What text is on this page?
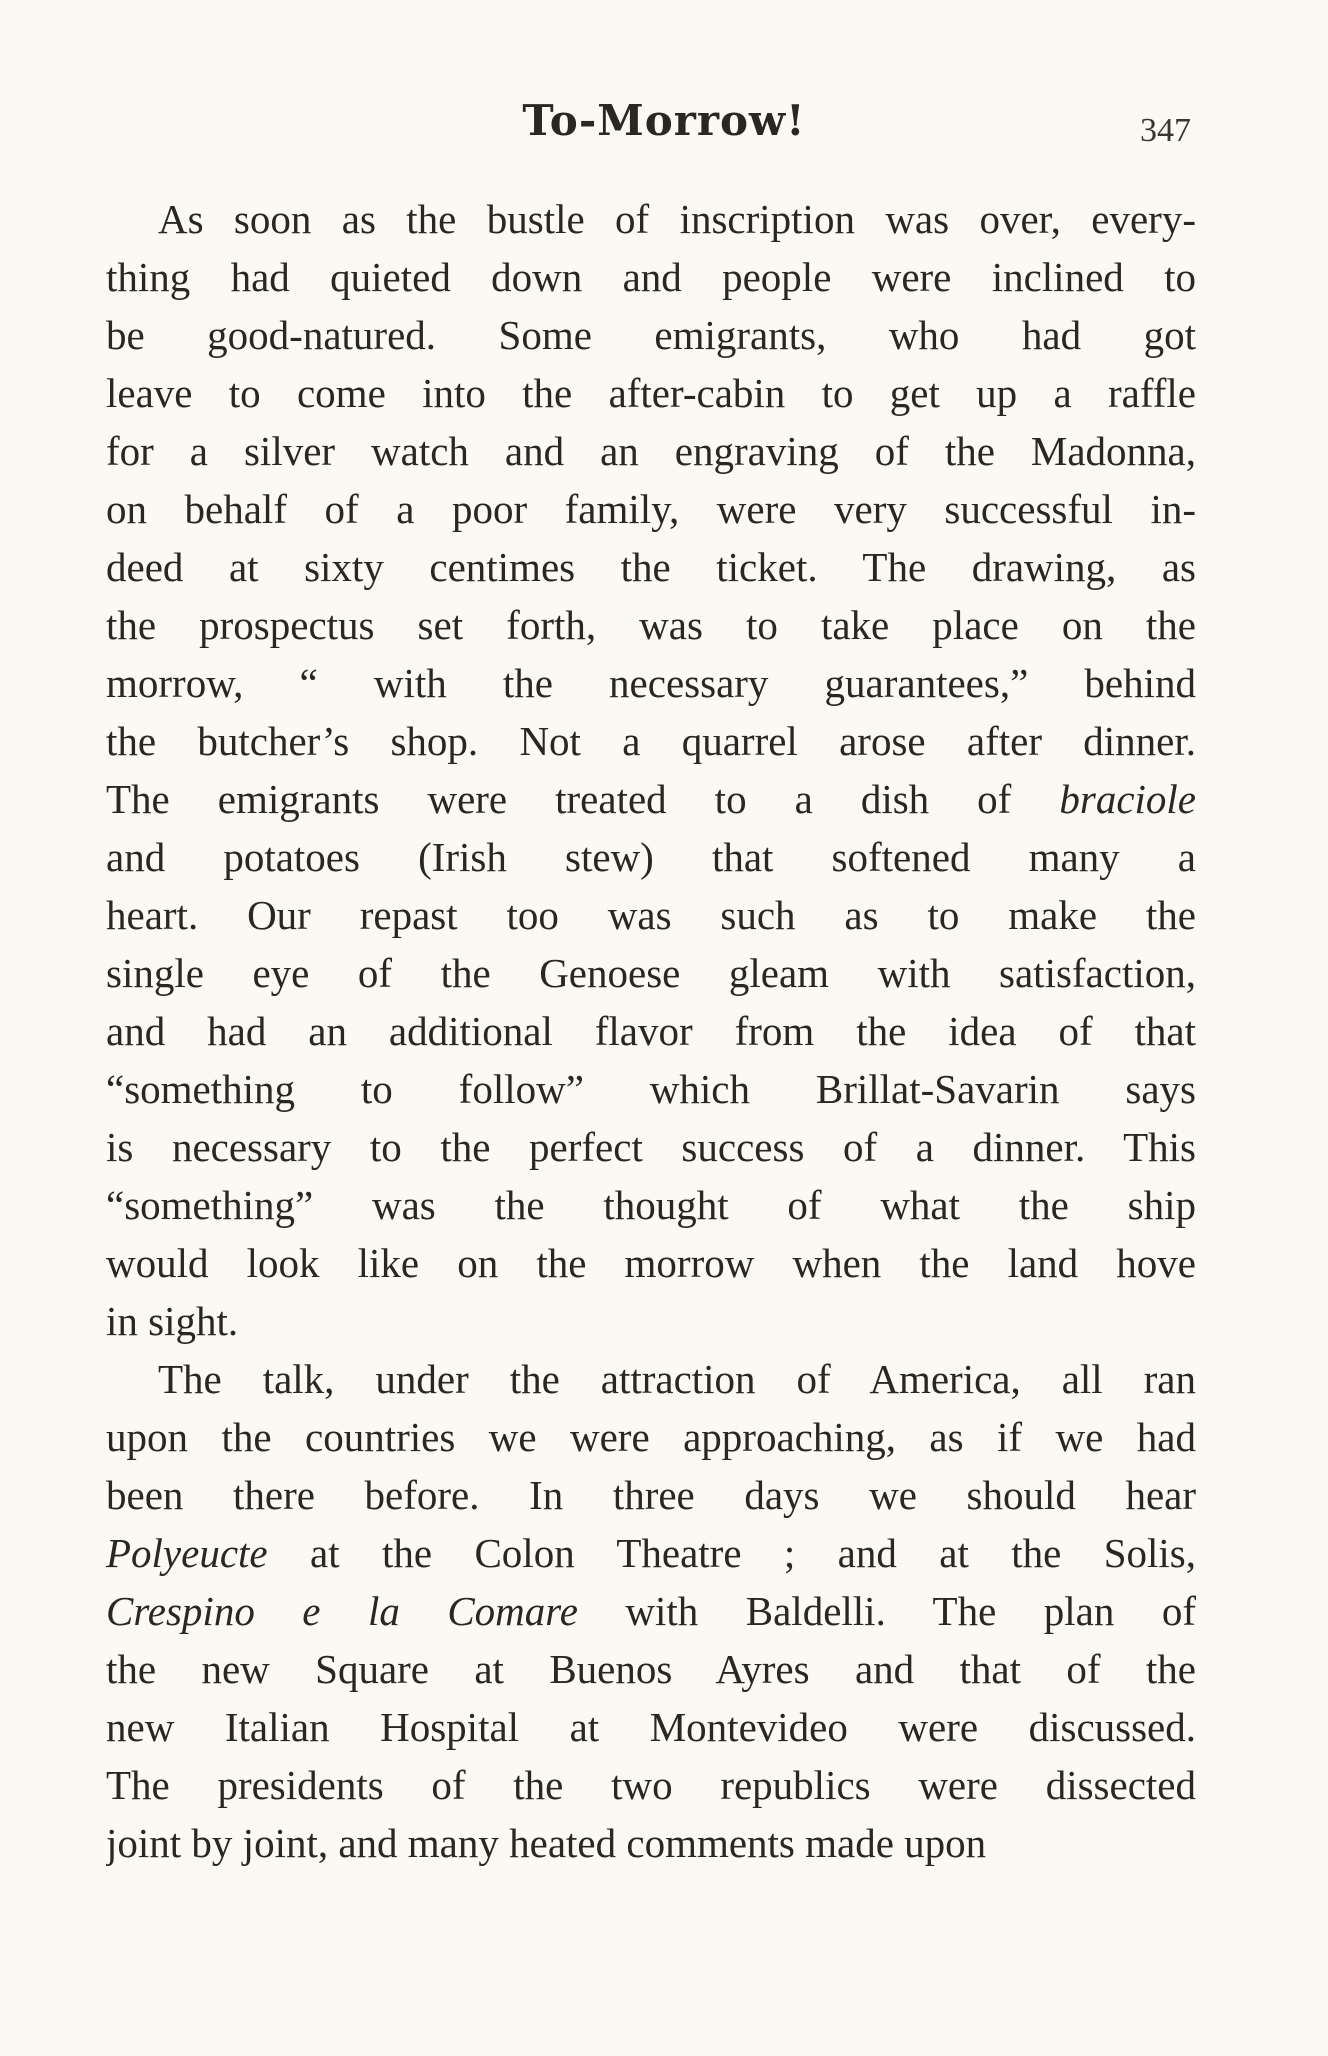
To-Morrow!	347
As soon as the bustle of inscription was over, every-
thing had quieted down and people were inclined to
be good-natured. Some emigrants, who had got
leave to come into the after-cabin to get up a raffle
for a silver watch and an engraving of the Madonna,
on behalf of a poor family, were very successful in-
deed at sixty centimes the ticket. The drawing, as
the prospectus set forth, was to take place on the
morrow, “ with the necessary guarantees,” behind
the butcher’s shop. Not a quarrel arose after dinner.
The emigrants were treated to a dish of braciole
and potatoes (Irish stew) that softened many a
heart. Our repast too was such as to make the
single eye of the Genoese gleam with satisfaction,
and had an additional flavor from the idea of that
“something to follow” which Brillat-Savarin says
is necessary to the perfect success of a dinner. This
“something” was the thought of what the ship
would look like on the morrow when the land hove
in sight.
The talk, under the attraction of America, all ran
upon the countries we were approaching, as if we had
been there before. In three days we should hear
Polyeucte at the Colon Theatre ; and at the Solis,
Crespino e la Comare with Baldelli. The plan of
the new Square at Buenos Ayres and that of the
new Italian Hospital at Montevideo were discussed.
The presidents of the two republics were dissected
joint by joint, and many heated comments made upon
